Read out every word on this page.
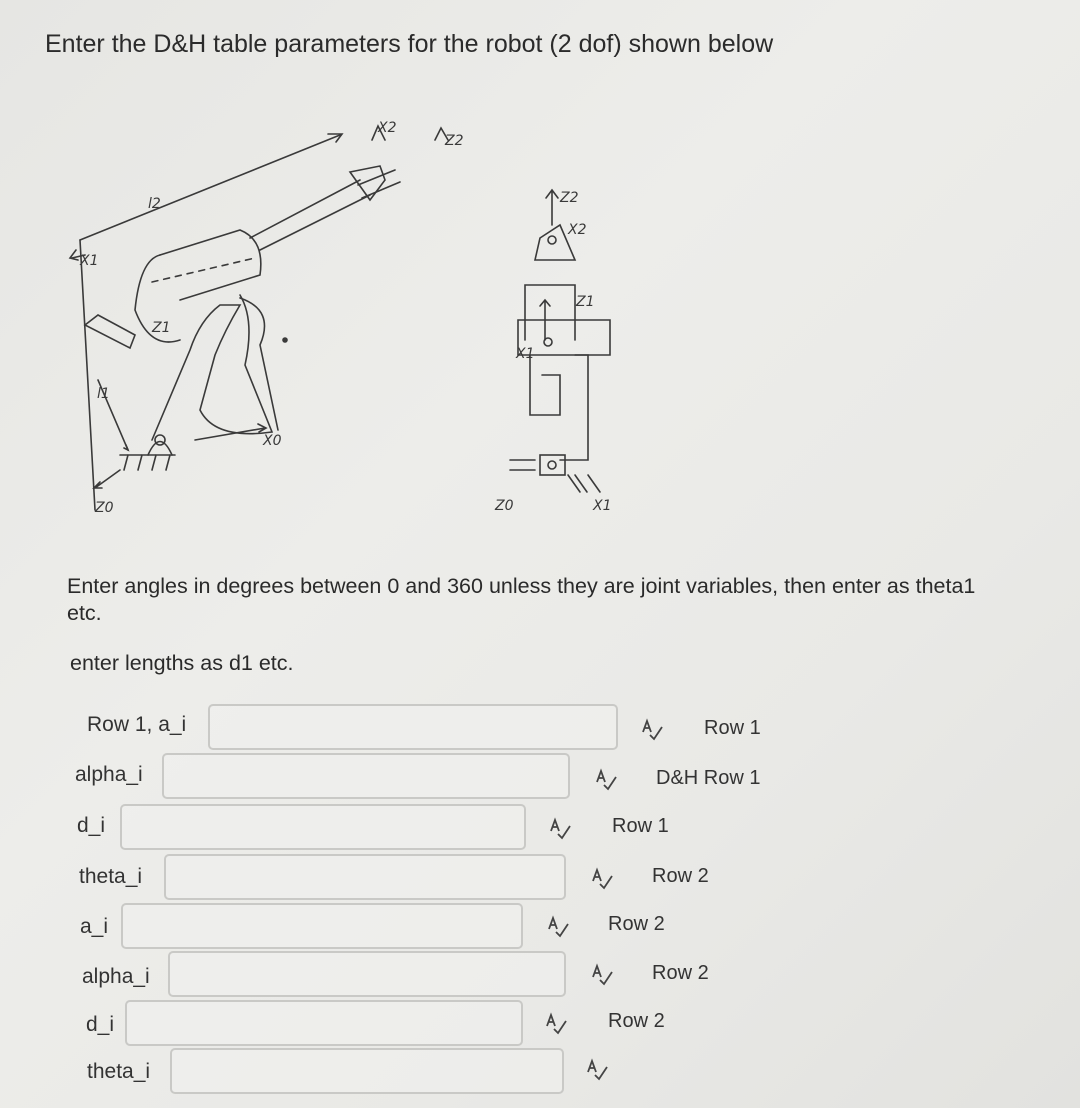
Enter the D&H table parameters for the robot (2 dof) shown below
X1
l2
Z1
l1
X0
Z0
X2
Z2
Z2
X2
Z1
X1
Z0	X1
Enter angles in degrees between 0 and 360 unless they are joint variables, then enter as theta1 etc.
enter lengths as d1 etc.
Row 1, a_i	Row 1
alpha_i	D&H Row 1
d_i	Row 1
theta_i	Row 2
a_i	Row 2
alpha_i	Row 2
d_i	Row 2
theta_i
